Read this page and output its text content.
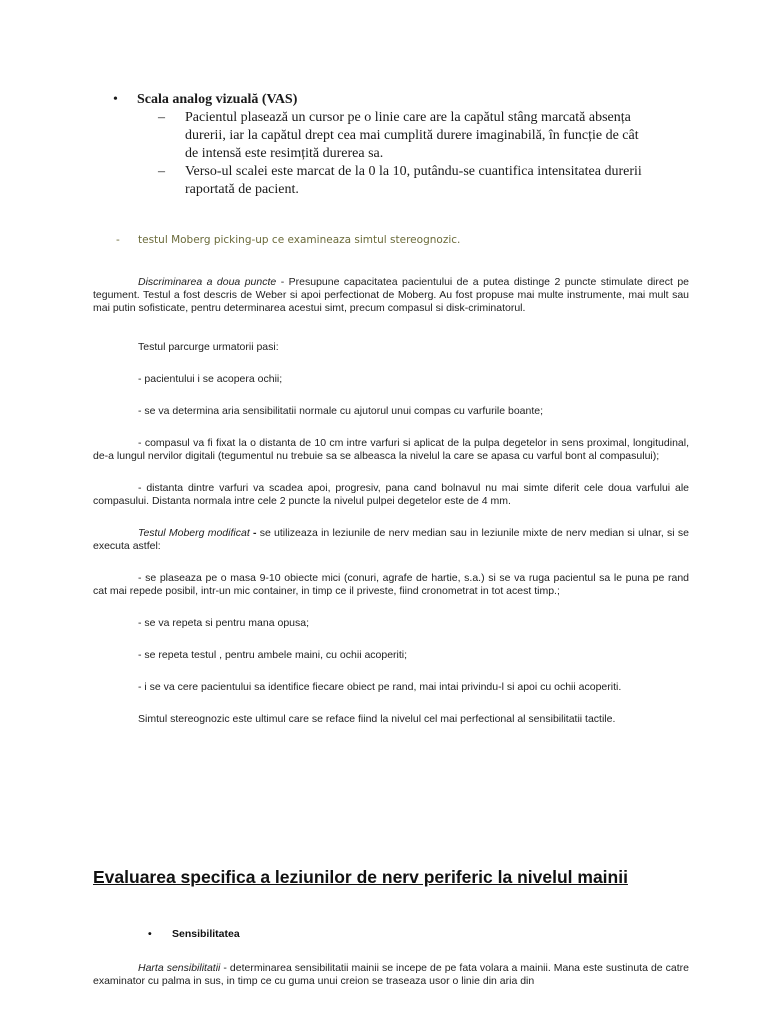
• Scala analog vizuală (VAS)
– Pacientul plasează un cursor pe o linie care are la capătul stâng marcată absența durerii, iar la capătul drept cea mai cumplită durere imaginabilă, în funcție de cât de intensă este resimțită durerea sa.
– Verso-ul scalei este marcat de la 0 la 10, putându-se cuantifica intensitatea durerii raportată de pacient.
- testul Moberg picking-up ce examineaza simtul stereognozic.

Discriminarea a doua puncte - Presupune capacitatea pacientului de a putea distinge 2 puncte stimulate direct pe tegument. Testul a fost descris de Weber si apoi perfectionat de Moberg. Au fost propuse mai multe instrumente, mai mult sau mai putin sofisticate, pentru determinarea acestui simt, precum compasul si disk-criminatorul.

Testul parcurge urmatorii pasi:

- pacientului i se acopera ochii;

- se va determina aria sensibilitatii normale cu ajutorul unui compas cu varfurile boante;

- compasul va fi fixat la o distanta de 10 cm intre varfuri si aplicat de la pulpa degetelor in sens proximal, longitudinal, de-a lungul nervilor digitali (tegumentul nu trebuie sa se albeasca la nivelul la care se apasa cu varful bont al compasului);

- distanta dintre varfuri va scadea apoi, progresiv, pana cand bolnavul nu mai simte diferit cele doua varfului ale compasului. Distanta normala intre cele 2 puncte la nivelul pulpei degetelor este de 4 mm.

Testul Moberg modificat - se utilizeaza in leziunile de nerv median sau in leziunile mixte de nerv median si ulnar, si se executa astfel:

- se plaseaza pe o masa 9-10 obiecte mici (conuri, agrafe de hartie, s.a.) si se va ruga pacientul sa le puna pe rand cat mai repede posibil, intr-un mic container, in timp ce il priveste, fiind cronometrat in tot acest timp.;

- se va repeta si pentru mana opusa;

- se repeta testul , pentru ambele maini, cu ochii acoperiti;

- i se va cere pacientului sa identifice fiecare obiect pe rand, mai intai privindu-l si apoi cu ochii acoperiti.

Simtul stereognozic este ultimul care se reface fiind la nivelul cel mai perfectional al sensibilitatii tactile.

Evaluarea specifica a leziunilor de nerv periferic la nivelul mainii
• Sensibilitatea

Harta sensibilitatii - determinarea sensibilitatii mainii se incepe de pe fata volara a mainii. Mana este sustinuta de catre examinator cu palma in sus, in timp ce cu guma unui creion se traseaza usor o linie din aria din
